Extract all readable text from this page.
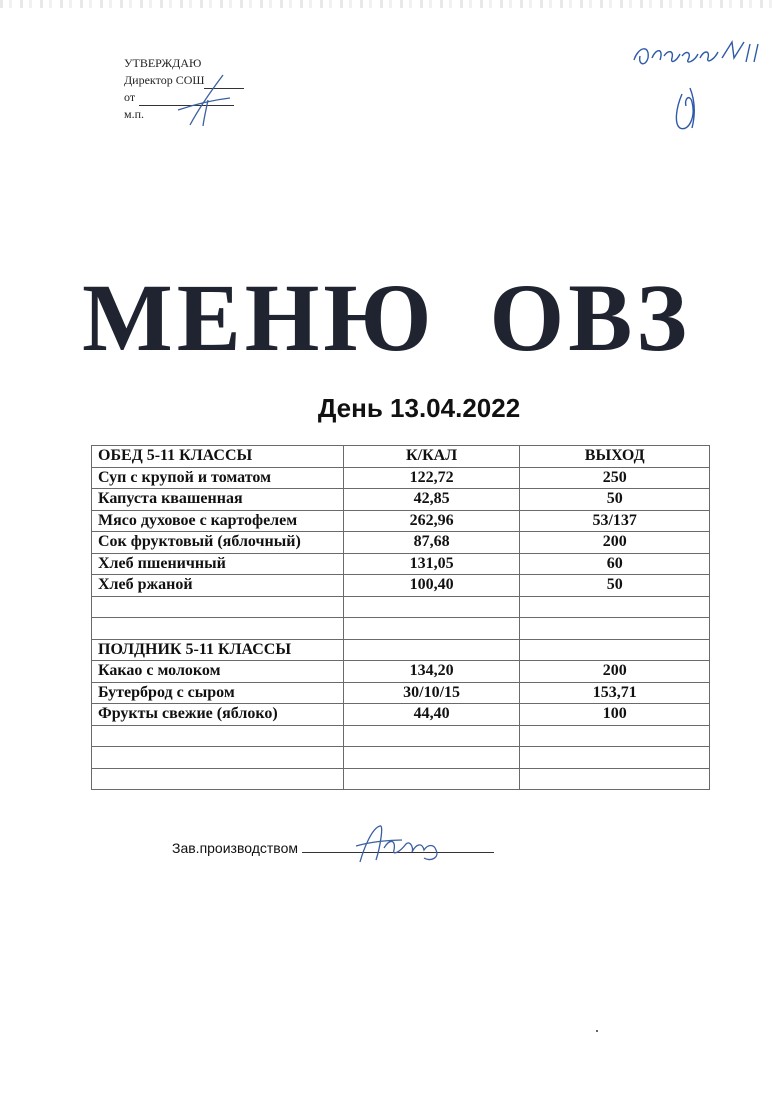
УТВЕРЖДАЮ
Директор СОШ
от
м.п.
МЕНЮ ОВЗ
День 13.04.2022
ОБЕД 5-11 КЛАССЫ	К/КАЛ	ВЫХОД
Суп с крупой и томатом	122,72	250
Капуста квашенная	42,85	50
Мясо духовое с картофелем	262,96	53/137
Сок фруктовый (яблочный)	87,68	200
Хлеб пшеничный	131,05	60
Хлеб ржаной	100,40	50

ПОЛДНИК 5-11 КЛАССЫ		
Какао с молоком	134,20	200
Бутерброд с сыром	30/10/15	153,71
Фрукты свежие (яблоко)	44,40	100

Зав.производством
